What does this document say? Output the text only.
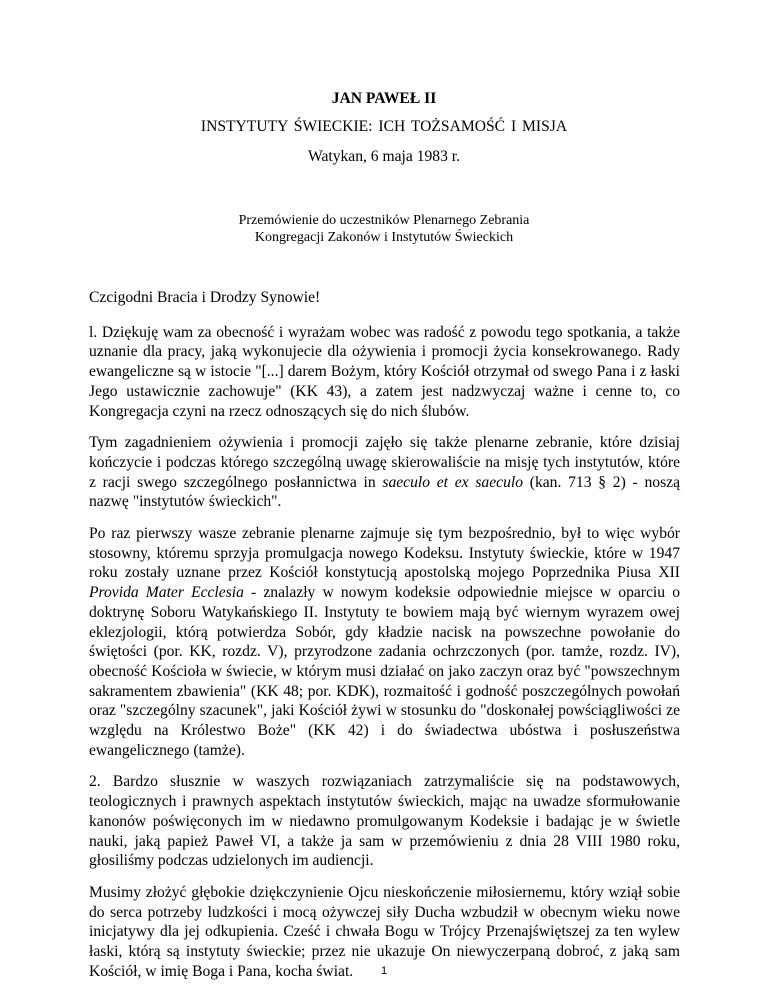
JAN PAWEŁ II

INSTYTUTY ŚWIECKIE: ICH TOŻSAMOŚĆ I MISJA

Watykan, 6 maja 1983 r.

Przemówienie do uczestników Plenarnego Zebrania
Kongregacji Zakonów i Instytutów Świeckich

Czcigodni Bracia i Drodzy Synowie!

l. Dziękuję wam za obecność i wyrażam wobec was radość z powodu tego spotkania, a także uznanie dla pracy, jaką wykonujecie dla ożywienia i promocji życia konsekrowanego. Rady ewangeliczne są w istocie "[...] darem Bożym, który Kościół otrzymał od swego Pana i z łaski Jego ustawicznie zachowuje" (KK 43), a zatem jest nadzwyczaj ważne i cenne to, co Kongregacja czyni na rzecz odnoszących się do nich ślubów.

Tym zagadnieniem ożywienia i promocji zajęło się także plenarne zebranie, które dzisiaj kończycie i podczas którego szczególną uwagę skierowaliście na misję tych instytutów, które z racji swego szczególnego posłannictwa in saeculo et ex saeculo (kan. 713 § 2) - noszą nazwę "instytutów świeckich".

Po raz pierwszy wasze zebranie plenarne zajmuje się tym bezpośrednio, był to więc wybór stosowny, któremu sprzyja promulgacja nowego Kodeksu. Instytuty świeckie, które w 1947 roku zostały uznane przez Kościół konstytucją apostolską mojego Poprzednika Piusa XII Provida Mater Ecclesia - znalazły w nowym kodeksie odpowiednie miejsce w oparciu o doktrynę Soboru Watykańskiego II. Instytuty te bowiem mają być wiernym wyrazem owej eklezjologii, którą potwierdza Sobór, gdy kładzie nacisk na powszechne powołanie do świętości (por. KK, rozdz. V), przyrodzone zadania ochrzczonych (por. tamże, rozdz. IV), obecność Kościoła w świecie, w którym musi działać on jako zaczyn oraz być "powszechnym sakramentem zbawienia" (KK 48; por. KDK), rozmaitość i godność poszczególnych powołań oraz "szczególny szacunek", jaki Kościół żywi w stosunku do "doskonałej powściągliwości ze względu na Królestwo Boże" (KK 42) i do świadectwa ubóstwa i posłuszeństwa ewangelicznego (tamże).

2. Bardzo słusznie w waszych rozwiązaniach zatrzymaliście się na podstawowych, teologicznych i prawnych aspektach instytutów świeckich, mając na uwadze sformułowanie kanonów poświęconych im w niedawno promulgowanym Kodeksie i badając je w świetle nauki, jaką papież Paweł VI, a także ja sam w przemówieniu z dnia 28 VIII 1980 roku, głosiliśmy podczas udzielonych im audiencji.

Musimy złożyć głębokie dziękczynienie Ojcu nieskończenie miłosiernemu, który wziął sobie do serca potrzeby ludzkości i mocą ożywczej siły Ducha wzbudził w obecnym wieku nowe inicjatywy dla jej odkupienia. Cześć i chwała Bogu w Trójcy Przenajświętszej za ten wylew łaski, którą są instytuty świeckie; przez nie ukazuje On niewyczerpaną dobroć, z jaką sam Kościół, w imię Boga i Pana, kocha świat.	1
